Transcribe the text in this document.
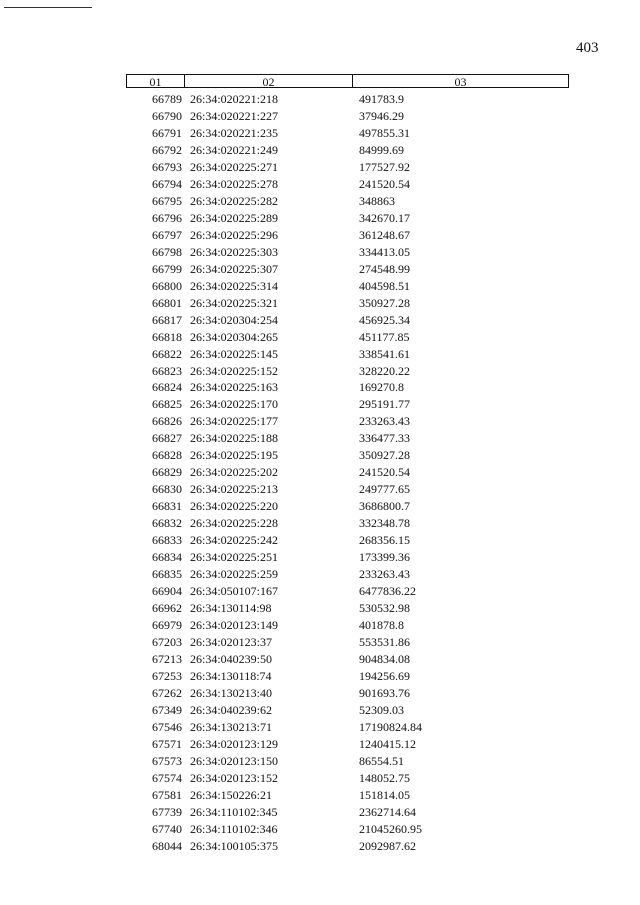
403
01	02	03
66789 26:34:020221:218	491783.9
66790 26:34:020221:227	37946.29
66791 26:34:020221:235	497855.31
66792 26:34:020221:249	84999.69
66793 26:34:020225:271	177527.92
66794 26:34:020225:278	241520.54
66795 26:34:020225:282	348863
66796 26:34:020225:289	342670.17
66797 26:34:020225:296	361248.67
66798 26:34:020225:303	334413.05
66799 26:34:020225:307	274548.99
66800 26:34:020225:314	404598.51
66801 26:34:020225:321	350927.28
66817 26:34:020304:254	456925.34
66818 26:34:020304:265	451177.85
66822 26:34:020225:145	338541.61
66823 26:34:020225:152	328220.22
66824 26:34:020225:163	169270.8
66825 26:34:020225:170	295191.77
66826 26:34:020225:177	233263.43
66827 26:34:020225:188	336477.33
66828 26:34:020225:195	350927.28
66829 26:34:020225:202	241520.54
66830 26:34:020225:213	249777.65
66831 26:34:020225:220	3686800.7
66832 26:34:020225:228	332348.78
66833 26:34:020225:242	268356.15
66834 26:34:020225:251	173399.36
66835 26:34:020225:259	233263.43
66904 26:34:050107:167	6477836.22
66962 26:34:130114:98	530532.98
66979 26:34:020123:149	401878.8
67203 26:34:020123:37	553531.86
67213 26:34:040239:50	904834.08
67253 26:34:130118:74	194256.69
67262 26:34:130213:40	901693.76
67349 26:34:040239:62	52309.03
67546 26:34:130213:71	17190824.84
67571 26:34:020123:129	1240415.12
67573 26:34:020123:150	86554.51
67574 26:34:020123:152	148052.75
67581 26:34:150226:21	151814.05
67739 26:34:110102:345	2362714.64
67740 26:34:110102:346	21045260.95
68044 26:34:100105:375	2092987.62
